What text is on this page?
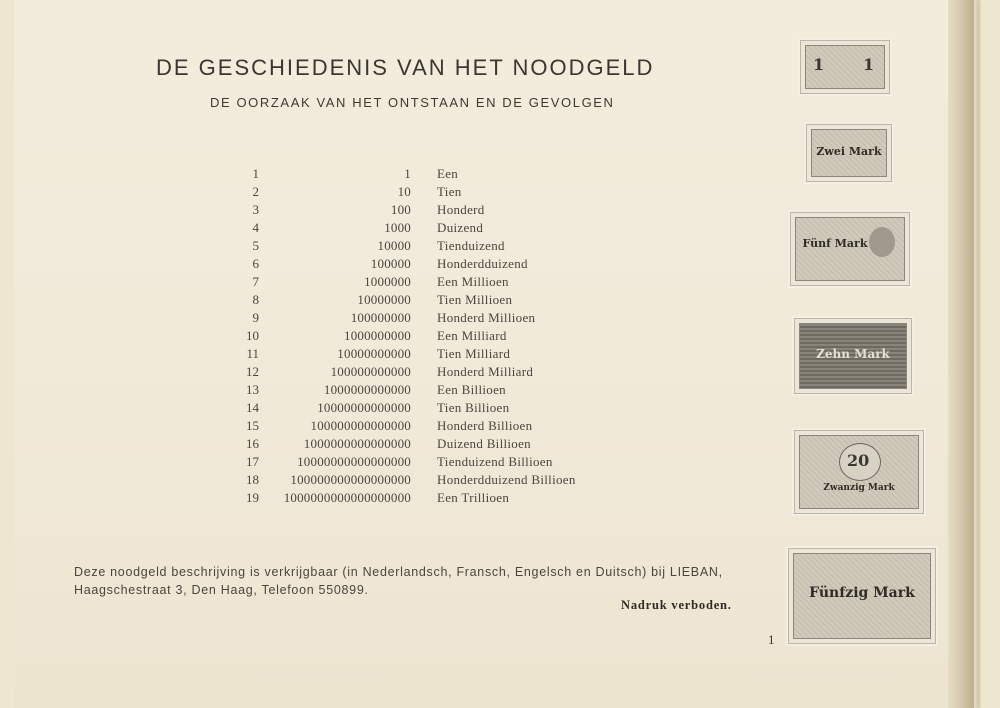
DE GESCHIEDENIS VAN HET NOODGELD
DE OORZAAK VAN HET ONTSTAAN EN DE GEVOLGEN
1	1 Een
2	10 Tien
3	100 Honderd
4	1000 Duizend
5	10000 Tienduizend
6	100000 Honderdduizend
7	1000000 Een Millioen
8	10000000 Tien Millioen
9	100000000 Honderd Millioen
10	1000000000 Een Milliard
11	10000000000 Tien Milliard
12	100000000000 Honderd Milliard
13	1000000000000 Een Billioen
14	10000000000000 Tien Billioen
15	100000000000000 Honderd Billioen
16	1000000000000000 Duizend Billioen
17	10000000000000000 Tienduizend Billioen
18	100000000000000000 Honderdduizend Billioen
19	1000000000000000000 Een Trillioen
Deze noodgeld beschrijving is verkrijgbaar (in Nederlandsch, Fransch, Engelsch en Duitsch) bij LIEBAN,
Haagschestraat 3, Den Haag, Telefoon 550899.
Nadruk verboden.
1
1 1
Zwei Mark
Fünf Mark
Zehn Mark
20
Zwanzig Mark
Fünfzig Mark
